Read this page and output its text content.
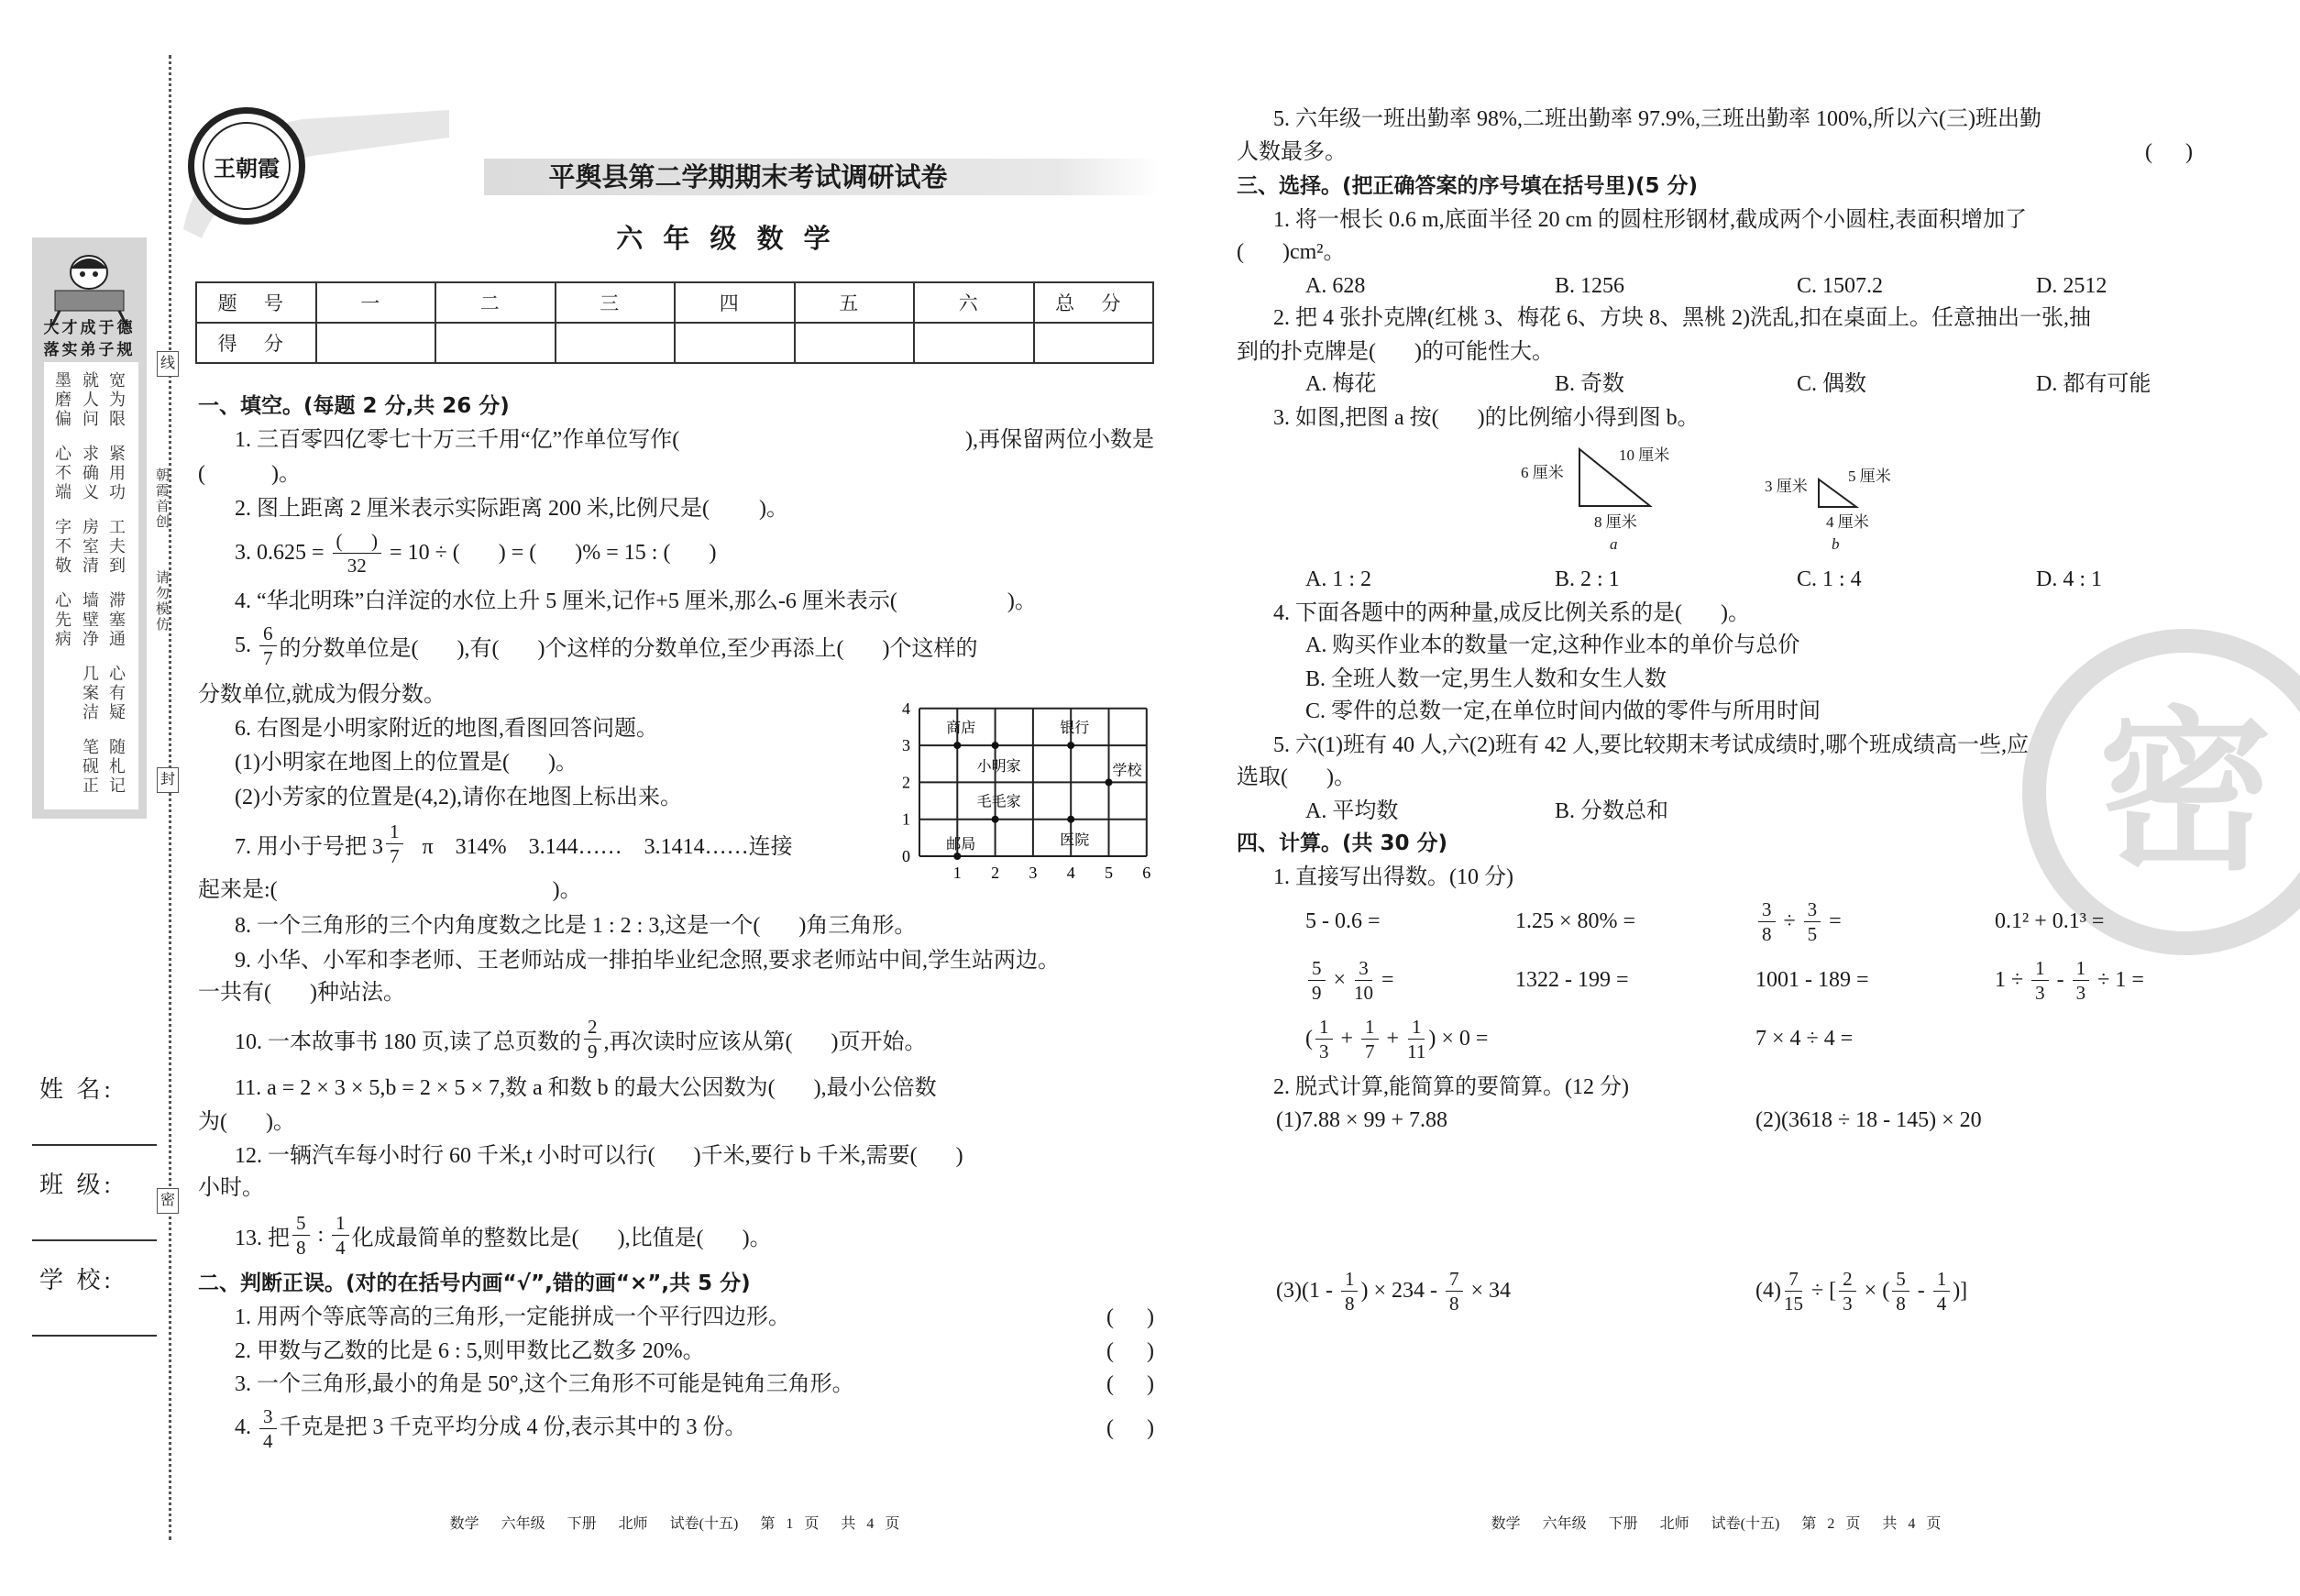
线
封
密
朝霞首创
请勿模仿
大才成于德
落实弟子规
墨磨偏
心不端
字不敬
心先病
就人问
求确义
房室清
墙壁净
几案洁
笔砚正
宽为限
紧用功
工夫到
滞塞通
心有疑
随札记
姓 名:
班 级:
学 校:
王朝霞	平舆县第二学期期末考试调研试卷
六 年 级 数 学
题 号	一	二	三	四	五	六	总 分
得 分							
一、填空。(每题 2 分,共 26 分)
1. 三百零四亿零七十万三千用“亿”作单位写作(	),再保留两位小数是
(            )。
2. 图上距离 2 厘米表示实际距离 200 米,比例尺是(         )。
3. $0.625 = \frac{( )}{32} = 10$ ÷ (       ) = (       )% = 15 : (       )
4. “华北明珠”白洋淀的水位上升 5 厘米,记作+5 厘米,那么-6 厘米表示(                    )。
5. $\frac{6}{7}$ 的分数单位是(       ),有(       )个这样的分数单位,至少再添上(       )个这样的
分数单位,就成为假分数。
6. 右图是小明家附近的地图,看图回答问题。
(1)小明家在地图上的位置是(       )。
(2)小芳家的位置是(4,2),请你在地图上标出来。
0
1
2
3
4
1 2 3 4 5 6
商店
小明家
银行
学校
毛毛家
医院
邮局
7. 用小于号把 $3 \frac{1}{7}$ π    314%    3.144……    3.1414……连接
起来是:(                                                  )。
8. 一个三角形的三个内角度数之比是 1 : 2 : 3,这是一个(       )角三角形。
9. 小华、小军和李老师、王老师站成一排拍毕业纪念照,要求老师站中间,学生站两边。
一共有(       )种站法。
10. 一本故事书 180 页,读了总页数的 $\frac{2}{9}$ ,再次读时应该从第(       )页开始。
11. a = 2 × 3 × 5,b = 2 × 5 × 7,数 a 和数 b 的最大公因数为(       ),最小公倍数
为(       )。
12. 一辆汽车每小时行 60 千米,t 小时可以行(       )千米,要行 b 千米,需要(       )
小时。
13. 把 $\frac{5}{8}$ : $\frac{1}{4}$ 化成最简单的整数比是(       ),比值是(       )。
二、判断正误。(对的在括号内画“√”,错的画“×”,共 5 分)
1. 用两个等底等高的三角形,一定能拼成一个平行四边形。	(      )
2. 甲数与乙数的比是 6 : 5,则甲数比乙数多 20%。	(      )
3. 一个三角形,最小的角是 50°,这个三角形不可能是钝角三角形。	(      )
4. $\frac{3}{4}$ 千克是把 3 千克平均分成 4 份,表示其中的 3 份。	(      )
数学  六年级  下册  北师  试卷(十五)  第 1 页  共 4 页
密
5. 六年级一班出勤率 98%,二班出勤率 97.9%,三班出勤率 100%,所以六(三)班出勤
人数最多。	(      )
三、选择。(把正确答案的序号填在括号里)(5 分)
1. 将一根长 0.6 m,底面半径 20 cm 的圆柱形钢材,截成两个小圆柱,表面积增加了
(       )cm²。
A. 628	B. 1256	C. 1507.2	D. 2512
2. 把 4 张扑克牌(红桃 3、梅花 6、方块 8、黑桃 2)洗乱,扣在桌面上。任意抽出一张,抽
到的扑克牌是(       )的可能性大。
A. 梅花	B. 奇数	C. 偶数	D. 都有可能
3. 如图,把图 a 按(       )的比例缩小得到图 b。
6 厘米
10 厘米
8 厘米
a
3 厘米
5 厘米
4 厘米
b
A. 1 : 2	B. 2 : 1	C. 1 : 4	D. 4 : 1
4. 下面各题中的两种量,成反比例关系的是(       )。
A. 购买作业本的数量一定,这种作业本的单价与总价
B. 全班人数一定,男生人数和女生人数
C. 零件的总数一定,在单位时间内做的零件与所用时间
5. 六(1)班有 40 人,六(2)班有 42 人,要比较期末考试成绩时,哪个班成绩高一些,应
选取(       )。
A. 平均数	B. 分数总和
四、计算。(共 30 分)
1. 直接写出得数。(10 分)
5 - 0.6 =	1.25 × 80% =	$\frac{3}{8} \div \frac{3}{5}$ =	0.1² + 0.1³ =
$\frac{5}{9} \times \frac{3}{10}$ =	1322 - 199 =	1001 - 189 =	$1 \div \frac{1}{3} - \frac{1}{3} \div 1$ =
( $\frac{1}{3} + \frac{1}{7} + \frac{1}{11}$ ) × 0 =	7 × 4 ÷ 4 =
2. 脱式计算,能简算的要简算。(12 分)
(1)7.88 × 99 + 7.88	(2)(3618 ÷ 18 - 145) × 20
$(3)(1 - \frac{1}{8}$ ) × $234 - \frac{7}{8} \times 34$	$(4) \frac{7}{15}$ ÷ [ $\frac{2}{3}$ × ( $\frac{5}{8} - \frac{1}{4}$ )]
数学  六年级  下册  北师  试卷(十五)  第 2 页  共 4 页
